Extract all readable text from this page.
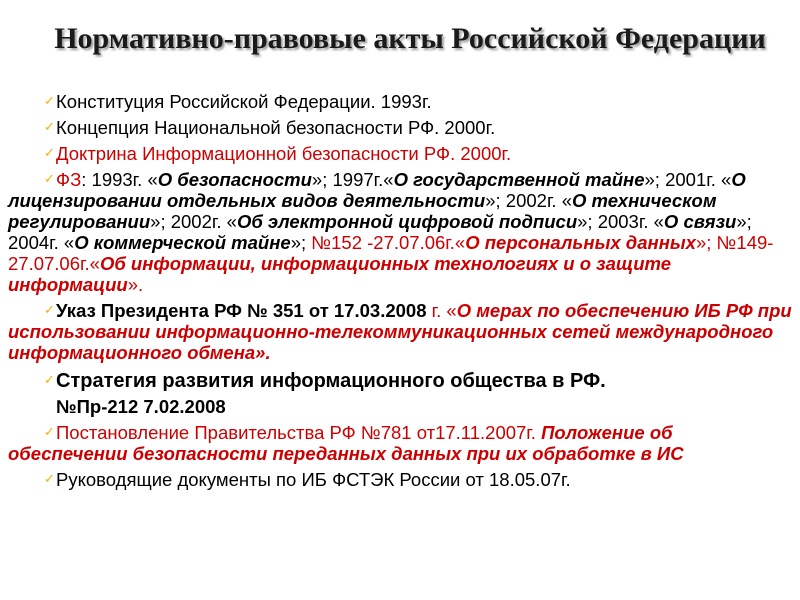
Нормативно-правовые акты Российской Федерации
✓Конституция Российской Федерации. 1993г.
✓Концепция Национальной безопасности РФ. 2000г.
✓Доктрина Информационной безопасности РФ. 2000г.
✓ФЗ: 1993г. «О безопасности»; 1997г.«О государственной тайне»; 2001г. «О лицензировании отдельных видов деятельности»; 2002г. «О техническом регулировании»; 2002г. «Об электронной цифровой подписи»; 2003г. «О связи»; 2004г. «О коммерческой тайне»; №152 -27.07.06г.«О персональных данных»; №149-27.07.06г.«Об информации, информационных технологиях и о защите информации».
✓Указ Президента РФ № 351 от 17.03.2008 г. «О мерах по обеспечению ИБ РФ при использовании информационно-телекоммуникационных сетей международного информационного обмена».
✓Стратегия развития информационного общества в РФ.
№Пр-212 7.02.2008
✓Постановление Правительства РФ №781 от17.11.2007г. Положение об обеспечении безопасности переданных данных при их обработке в ИС
✓Руководящие документы по ИБ ФСТЭК России от 18.05.07г.
